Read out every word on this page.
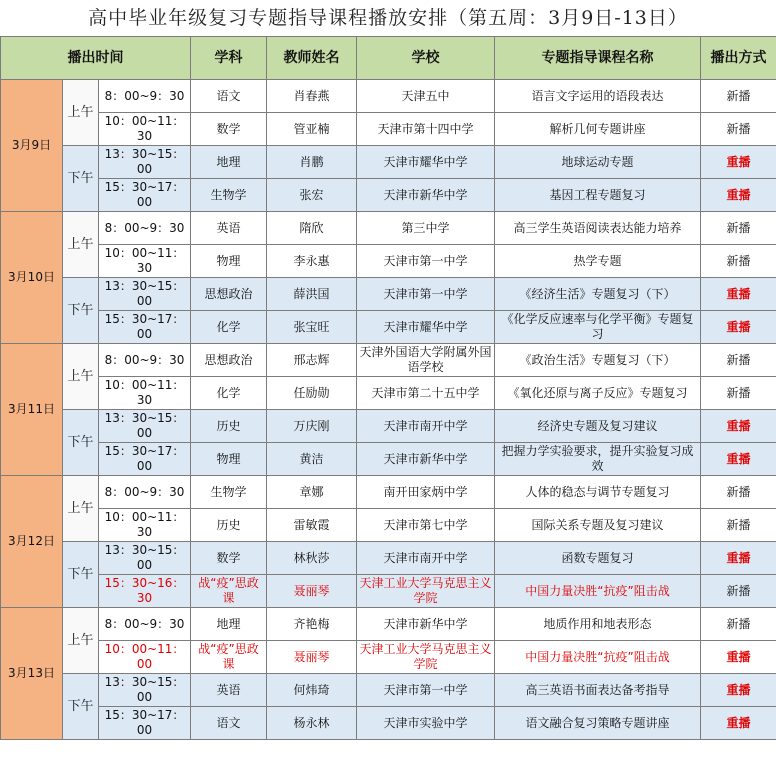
高中毕业年级复习专题指导课程播放安排（第五周：3月9日-13日）
播出时间			学科	教师姓名	学校	专题指导课程名称	播出方式
3月9日	上午	8：00~9：30	语文	肖春燕	天津五中	语言文字运用的语段表达	新播
		10：00~11：30	数学	管亚楠	天津市第十四中学	解析几何专题讲座	新播
	下午	13：30~15：00	地理	肖鹏	天津市耀华中学	地球运动专题	重播
		15：30~17：00	生物学	张宏	天津市新华中学	基因工程专题复习	重播
3月10日	上午	8：00~9：30	英语	隋欣	第三中学	高三学生英语阅读表达能力培养	新播
		10：00~11：30	物理	李永惠	天津市第一中学	热学专题	新播
	下午	13：30~15：00	思想政治	薛洪国	天津市第一中学	《经济生活》专题复习（下）	重播
		15：30~17：00	化学	张宝旺	天津市耀华中学	《化学反应速率与化学平衡》专题复习	重播
3月11日	上午	8：00~9：30	思想政治	邢志辉	天津外国语大学附属外国语学校	《政治生活》专题复习（下）	新播
		10：00~11：30	化学	任励勋	天津市第二十五中学	《氧化还原与离子反应》专题复习	新播
	下午	13：30~15：00	历史	万庆刚	天津市南开中学	经济史专题及复习建议	重播
		15：30~17：00	物理	黄洁	天津市新华中学	把握力学实验要求，提升实验复习成效	重播
3月12日	上午	8：00~9：30	生物学	章娜	南开田家炳中学	人体的稳态与调节专题复习	新播
		10：00~11：30	历史	雷敏霞	天津市第七中学	国际关系专题及复习建议	新播
	下午	13：30~15：00	数学	林秋莎	天津市南开中学	函数专题复习	重播
		15：30~16：30	战“疫”思政课	聂丽琴	天津工业大学马克思主义学院	中国力量决胜“抗疫”阻击战	新播
3月13日	上午	8：00~9：30	地理	齐艳梅	天津市新华中学	地质作用和地表形态	新播
		10：00~11：00	战“疫”思政课	聂丽琴	天津工业大学马克思主义学院	中国力量决胜“抗疫”阻击战	重播
	下午	13：30~15：00	英语	何炜琦	天津市第一中学	高三英语书面表达备考指导	重播
		15：30~17：00	语文	杨永林	天津市实验中学	语文融合复习策略专题讲座	重播
